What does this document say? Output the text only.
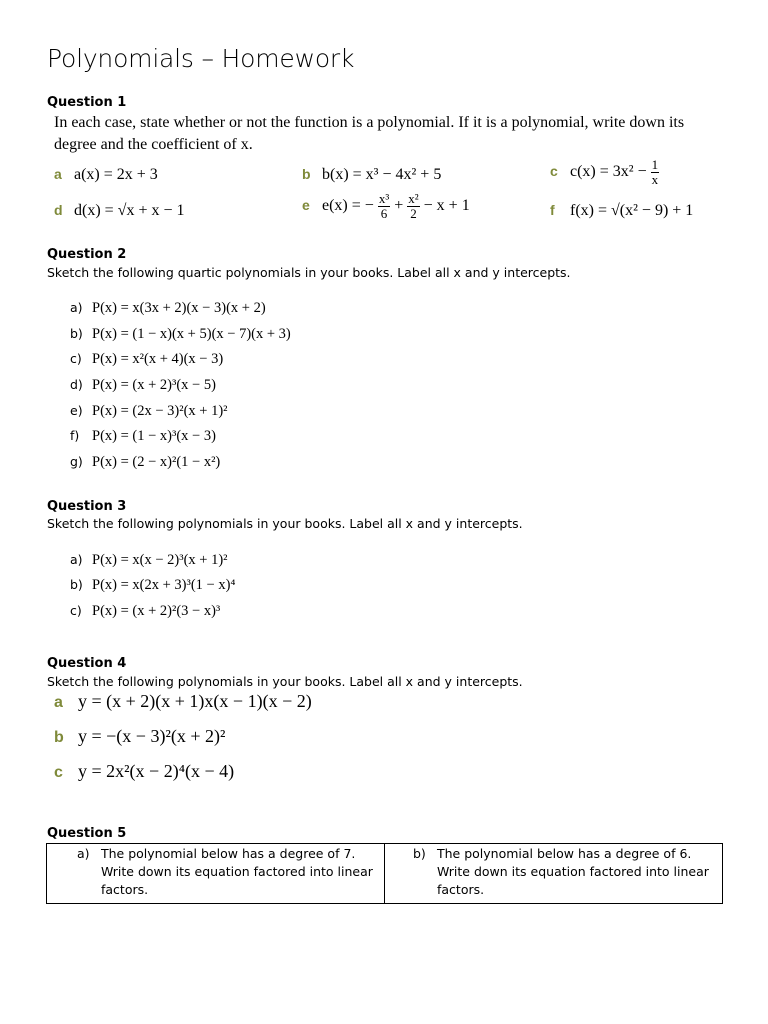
Polynomials – Homework
Question 1
In each case, state whether or not the function is a polynomial. If it is a polynomial, write down its degree and the coefficient of x.
a a(x) = 2x + 3	b b(x) = x³ − 4x² + 5	c $c(x) = 3x^2 - \frac{1}{x}$
d d(x) = √x + x − 1	e e(x) = − $\frac{\text{x³}}{6} + \frac{\text{x²}}{2} - x + 1$	f f(x) = √(x² − 9) + 1
Question 2
Sketch the following quartic polynomials in your books. Label all x and y intercepts.
a) P(x) = x(3x + 2)(x − 3)(x + 2)
b) P(x) = (1 − x)(x + 5)(x − 7)(x + 3)
c) P(x) = x²(x + 4)(x − 3)
d) P(x) = (x + 2)³(x − 5)
e) P(x) = (2x − 3)²(x + 1)²
f) P(x) = (1 − x)³(x − 3)
g) P(x) = (2 − x)²(1 − x²)
Question 3
Sketch the following polynomials in your books. Label all x and y intercepts.
a) P(x) = x(x − 2)³(x + 1)²
b) P(x) = x(2x + 3)³(1 − x)⁴
c) P(x) = (x + 2)²(3 − x)³
Question 4
Sketch the following polynomials in your books. Label all x and y intercepts.
a y = (x + 2)(x + 1)x(x − 1)(x − 2)
b y = −(x − 3)²(x + 2)²
c y = 2x²(x − 2)⁴(x − 4)
Question 5
a) The polynomial below has a degree of 7. Write down its equation factored into linear factors.	b) The polynomial below has a degree of 6. Write down its equation factored into linear factors.
